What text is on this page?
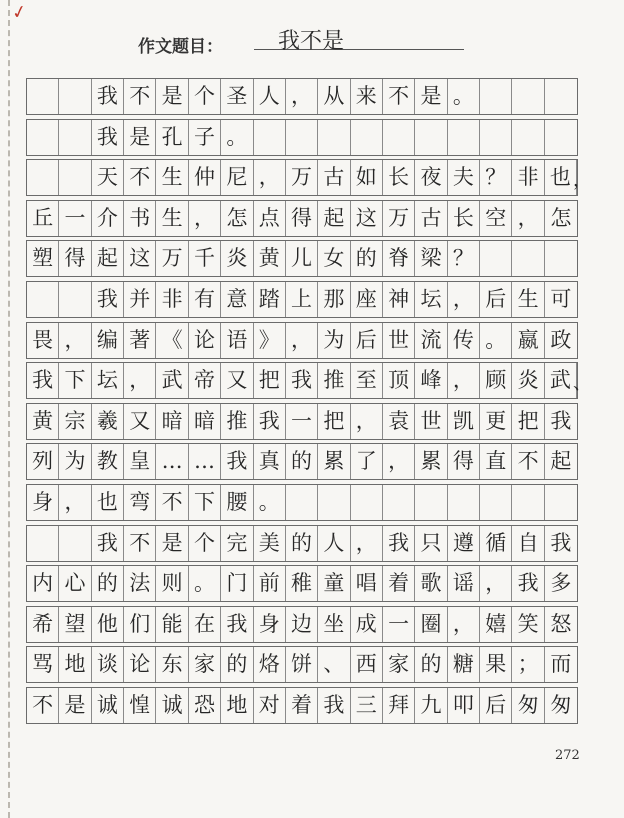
✓
作文题目：	我不是
我 不 是 个 圣 人 ， 从 来 不 是 。
我 是 孔 子 。
天 不 生 仲 尼 ， 万 古 如 长 夜 夫 ？ 非 也 ，
丘 一 介 书 生 ， 怎 点 得 起 这 万 古 长 空 ， 怎
塑 得 起 这 万 千 炎 黄 儿 女 的 脊 梁 ？
我 并 非 有 意 踏 上 那 座 神 坛 ， 后 生 可
畏 ， 编 著 《 论 语 》 ， 为 后 世 流 传 。 嬴 政
我 下 坛 ， 武 帝 又 把 我 推 至 顶 峰 ， 顾 炎 武 、
黄 宗 羲 又 暗 暗 推 我 一 把 ， 袁 世 凯 更 把 我
列 为 教 皇 … … 我 真 的 累 了 ， 累 得 直 不 起
身 ， 也 弯 不 下 腰 。
我 不 是 个 完 美 的 人 ， 我 只 遵 循 自 我
内 心 的 法 则 。 门 前 稚 童 唱 着 歌 谣 ， 我 多
希 望 他 们 能 在 我 身 边 坐 成 一 圈 ， 嬉 笑 怒
骂 地 谈 论 东 家 的 烙 饼 、 西 家 的 糖 果 ； 而
不 是 诚 惶 诚 恐 地 对 着 我 三 拜 九 叩 后 匆 匆
272
